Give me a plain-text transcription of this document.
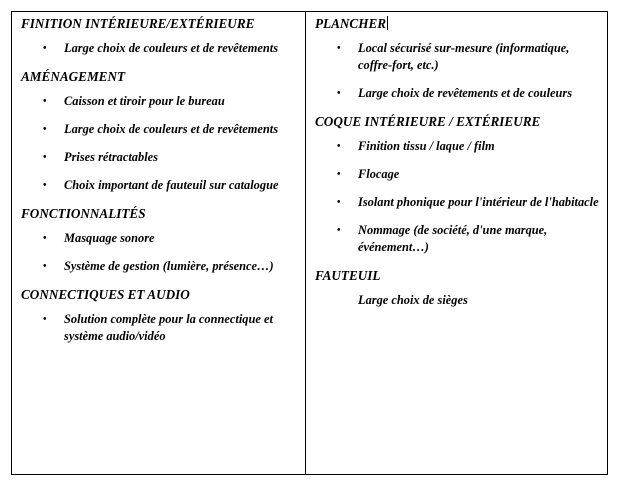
FINITION INTÉRIEURE/EXTÉRIEURE
• Large choix de couleurs et de revêtements
AMÉNAGEMENT
• Caisson et tiroir pour le bureau
• Large choix de couleurs et de revêtements
• Prises rétractables
• Choix important de fauteuil sur catalogue
FONCTIONNALITÉS
• Masquage sonore
• Système de gestion (lumière, présence…)
CONNECTIQUES ET AUDIO
• Solution complète pour la connectique et système audio/vidéo
PLANCHER
• Local sécurisé sur-mesure (informatique, coffre-fort, etc.)
• Large choix de revêtements et de couleurs
COQUE INTÉRIEURE / EXTÉRIEURE
• Finition tissu / laque / film
• Flocage
• Isolant phonique pour l'intérieur de l'habitacle
• Nommage (de société, d'une marque, événement…)
FAUTEUIL
Large choix de sièges
